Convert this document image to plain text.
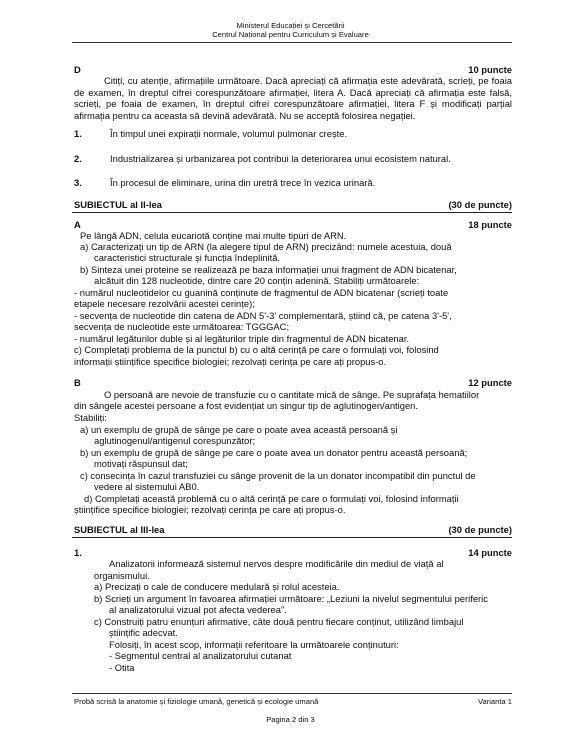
Ministerul Educației și Cercetării
Centrul Național pentru Curriculum și Evaluare
D	10 puncte
Citiți, cu atenție, afirmațiile următoare. Dacă apreciați că afirmația este adevărată, scrieți, pe foaia de examen, în dreptul cifrei corespunzătoare afirmației, litera A. Dacă apreciați că afirmația este falsă, scrieți, pe foaia de examen, în dreptul cifrei corespunzătoare afirmației, litera F și modificați parțial afirmația pentru ca aceasta să devină adevărată. Nu se acceptă folosirea negației.
1.	În timpul unei expirații normale, volumul pulmonar crește.
2.	Industrializarea și urbanizarea pot contribui la deteriorarea unui ecosistem natural.
3.	În procesul de eliminare, urina din uretră trece în vezica urinară.
SUBIECTUL al II-lea	(30 de puncte)
A	18 puncte
Pe lângă ADN, celula eucariotă conține mai multe tipuri de ARN.
a) Caracterizați un tip de ARN (la alegere tipul de ARN) precizând: numele acestuia, două
caracteristici structurale și funcția îndeplinită.
b) Sinteza unei proteine se realizează pe baza informației unui fragment de ADN bicatenar,
alcătuit din 128 nucleotide, dintre care 20 conțin adenină. Stabiliți următoarele:
- numărul nucleotidelor cu guanină conținute de fragmentul de ADN bicatenar (scrieți toate
etapele necesare rezolvării acestei cerințe);
- secvența de nucleotide din catena de ADN 5'-3' complementară, știind că, pe catena 3'-5',
secvența de nucleotide este următoarea: TGGGAC;
- numărul legăturilor duble și al legăturilor triple din fragmentul de ADN bicatenar.
c) Completați problema de la punctul b) cu o altă cerință pe care o formulați voi, folosind
informații științifice specifice biologiei; rezolvați cerința pe care ați propus-o.
B	12 puncte
O persoană are nevoie de transfuzie cu o cantitate mică de sânge. Pe suprafața hematiilor
din sângele acestei persoane a fost evidențiat un singur tip de aglutinogen/antigen.
Stabiliți:
a) un exemplu de grupă de sânge pe care o poate avea această persoană și
aglutinogenul/antigenul corespunzător;
b) un exemplu de grupă de sânge pe care o poate avea un donator pentru această persoană;
motivați răspunsul dat;
c) consecința în cazul transfuziei cu sânge provenit de la un donator incompatibil din punctul de
vedere al sistemului AB0.
d) Completați această problemă cu o altă cerință pe care o formulați voi, folosind informații
științifice specifice biologiei; rezolvați cerința pe care ați propus-o.
SUBIECTUL al III-lea	(30 de puncte)
1.	14 puncte
Analizatorii informează sistemul nervos despre modificările din mediul de viață al
organismului.
a) Precizați o cale de conducere medulară și rolul acesteia.
b) Scrieți un argument în favoarea afirmației următoare: „Leziuni la nivelul segmentului periferic
al analizatorului vizual pot afecta vederea”.
c) Construiți patru enunțuri afirmative, câte două pentru fiecare conținut, utilizând limbajul
științific adecvat.
Folosiți, în acest scop, informații referitoare la următoarele conținuturi:
- Segmentul central al analizatorului cutanat
- Otita
Probă scrisă la anatomie și fiziologie umană, genetică și ecologie umană	Varianta 1
Pagina 2 din 3
